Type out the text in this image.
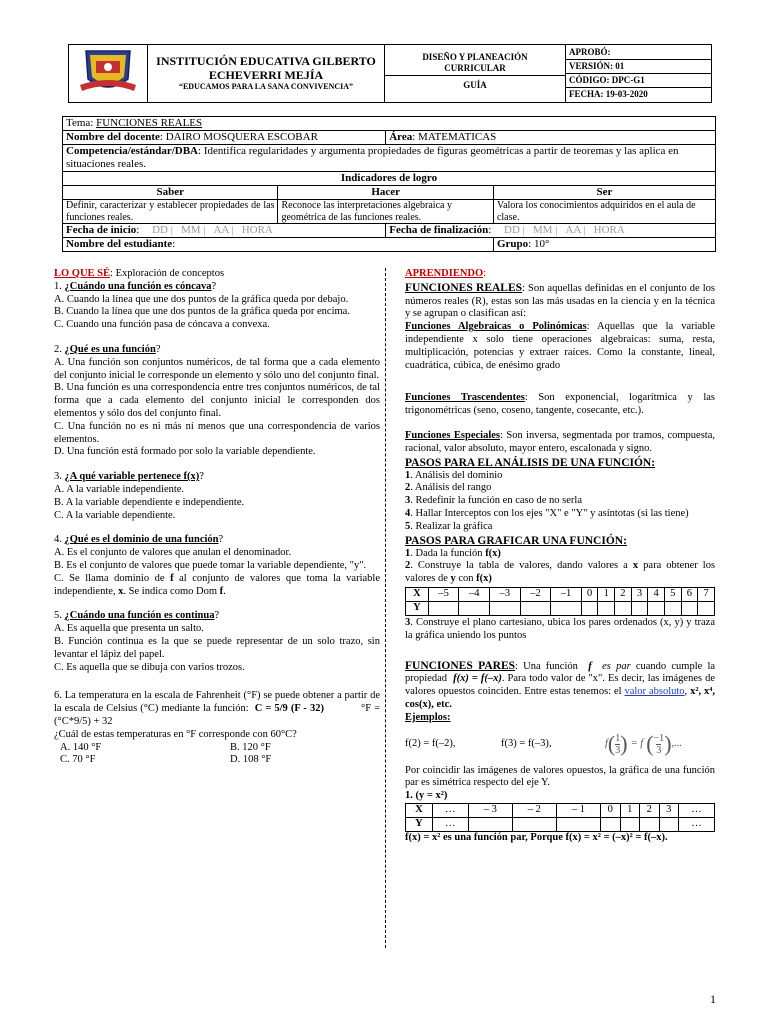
INSTITUCIÓN EDUCATIVA GILBERTO
ECHEVERRI MEJÍA
“EDUCAMOS PARA LA SANA CONVIVENCIA”

DISEÑO Y PLANEACIÓN
CURRICULAR
GUÍA

APROBÓ:
VERSIÓN: 01
CÓDIGO: DPC-G1
FECHA: 19-03-2020
Tema: FUNCIONES REALES			
Nombre del docente: DAIRO MOSQUERA ESCOBAR		Área: MATEMATICAS	
Competencia/estándar/DBA: Identifica regularidades y argumenta propiedades de figuras geométricas a partir de teoremas y las aplica en situaciones reales.			
Indicadores de logro			
Saber	Hacer		Ser
Definir, caracterizar y establecer propiedades de las funciones reales.	Reconoce las interpretaciones algebraica y geométrica de las funciones reales.		Valora los conocimientos adquiridos en el aula de clase.
Fecha de inicio: DD | MM | AA | HORA		Fecha de finalización: DD | MM | AA | HORA	
Nombre del estudiante:			Grupo: 10°

LO QUE SÉ: Exploración de conceptos

1. ¿Cuándo una función es cóncava?

A. Cuando la línea que une dos puntos de la gráfica queda por debajo.

B. Cuando la línea que une dos puntos de la gráfica queda por encima.

C. Cuando una función pasa de cóncava a convexa.

2. ¿Qué es una función?

A. Una función son conjuntos numéricos, de tal forma que a cada elemento del conjunto inicial le corresponde un elemento y sólo uno del conjunto final.

B. Una función es una correspondencia entre tres conjuntos numéricos, de tal forma que a cada elemento del conjunto inicial le corresponden dos elementos y sólo dos del conjunto final.

C. Una función no es ni más ni menos que una correspondencia de varios elementos.

D. Una función está formado por solo la variable dependiente.

3. ¿A qué variable pertenece f(x)?

A. A la variable independiente.

B. A la variable dependiente e independiente.

C. A la variable dependiente.

4. ¿Qué es el dominio de una función?

A. Es el conjunto de valores que anulan el denominador.

B. Es el conjunto de valores que puede tomar la variable dependiente, "y".

C. Se llama dominio de f al conjunto de valores que toma la variable independiente, x. Se indica como Dom f.

5. ¿Cuándo una función es continua?

A. Es aquella que presenta un salto.

B. Función continua es la que se puede representar de un solo trazo, sin levantar el lápiz del papel.

C. Es aquella que se dibuja con varios trozos.

6. La temperatura en la escala de Fahrenheit (°F) se puede obtener a partir de la escala de Celsius (°C) mediante la función: C = 5/9 (F - 32)	°F = (°C*9/5) + 32

¿Cuál de estas temperaturas en °F corresponde con 60°C?

A. 140 °F	B. 120 °F
C. 70 °F	D. 108 °F

APRENDIENDO:

FUNCIONES REALES: Son aquellas definidas en el conjunto de los números reales (R), estas son las más usadas en la ciencia y en la técnica y se agrupan o clasifican así:

Funciones Algebraicas o Polinómicas: Aquellas que la variable independiente x solo tiene operaciones algebraicas: suma, resta, multiplicación, potencias y extraer raíces. Como la constante, lineal, cuadrática, cúbica, de enésimo grado

Funciones Trascendentes: Son exponencial, logarítmica y las trigonométricas (seno, coseno, tangente, cosecante, etc.).

Funciones Especiales: Son inversa, segmentada por tramos, compuesta, racional, valor absoluto, mayor entero, escalonada y signo.

PASOS PARA EL ANÁLISIS DE UNA FUNCIÓN:

1. Análisis del dominio

2. Análisis del rango

3. Redefinir la función en caso de no serla

4. Hallar Interceptos con los ejes "X" e "Y" y asíntotas (si las tiene)

5. Realizar la gráfica

PASOS PARA GRAFICAR UNA FUNCIÓN:

1. Dada la función f(x)

2. Construye la tabla de valores, dando valores a x para obtener los valores de y con f(x)

X	–5	–4	–3	–2	–1	0	1	2	3	4	5	6	7
Y													

3. Construye el plano cartesiano, ubica los pares ordenados (x, y) y traza la gráfica uniendo los puntos

FUNCIONES PARES: Una función f es par cuando cumple la propiedad f(x) = f(–x). Para todo valor de "x". Es decir, las imágenes de valores opuestos coinciden. Entre estas tenemos: el valor absoluto, x², x⁴, cos(x), etc.

Ejemplos:

f(2) = f(–2),	f(3) = f(–3),	f ( 1
3 ) = f ( −1
3 ) ,...

Por coincidir las imágenes de valores opuestos, la gráfica de una función par es simétrica respecto del eje Y.

1. (y = x²)

X	…	– 3	– 2	– 1	0	1	2	3	…
Y	…								…

f(x) = x² es una función par, Porque f(x) = x² = (–x)² = f(–x).

1
